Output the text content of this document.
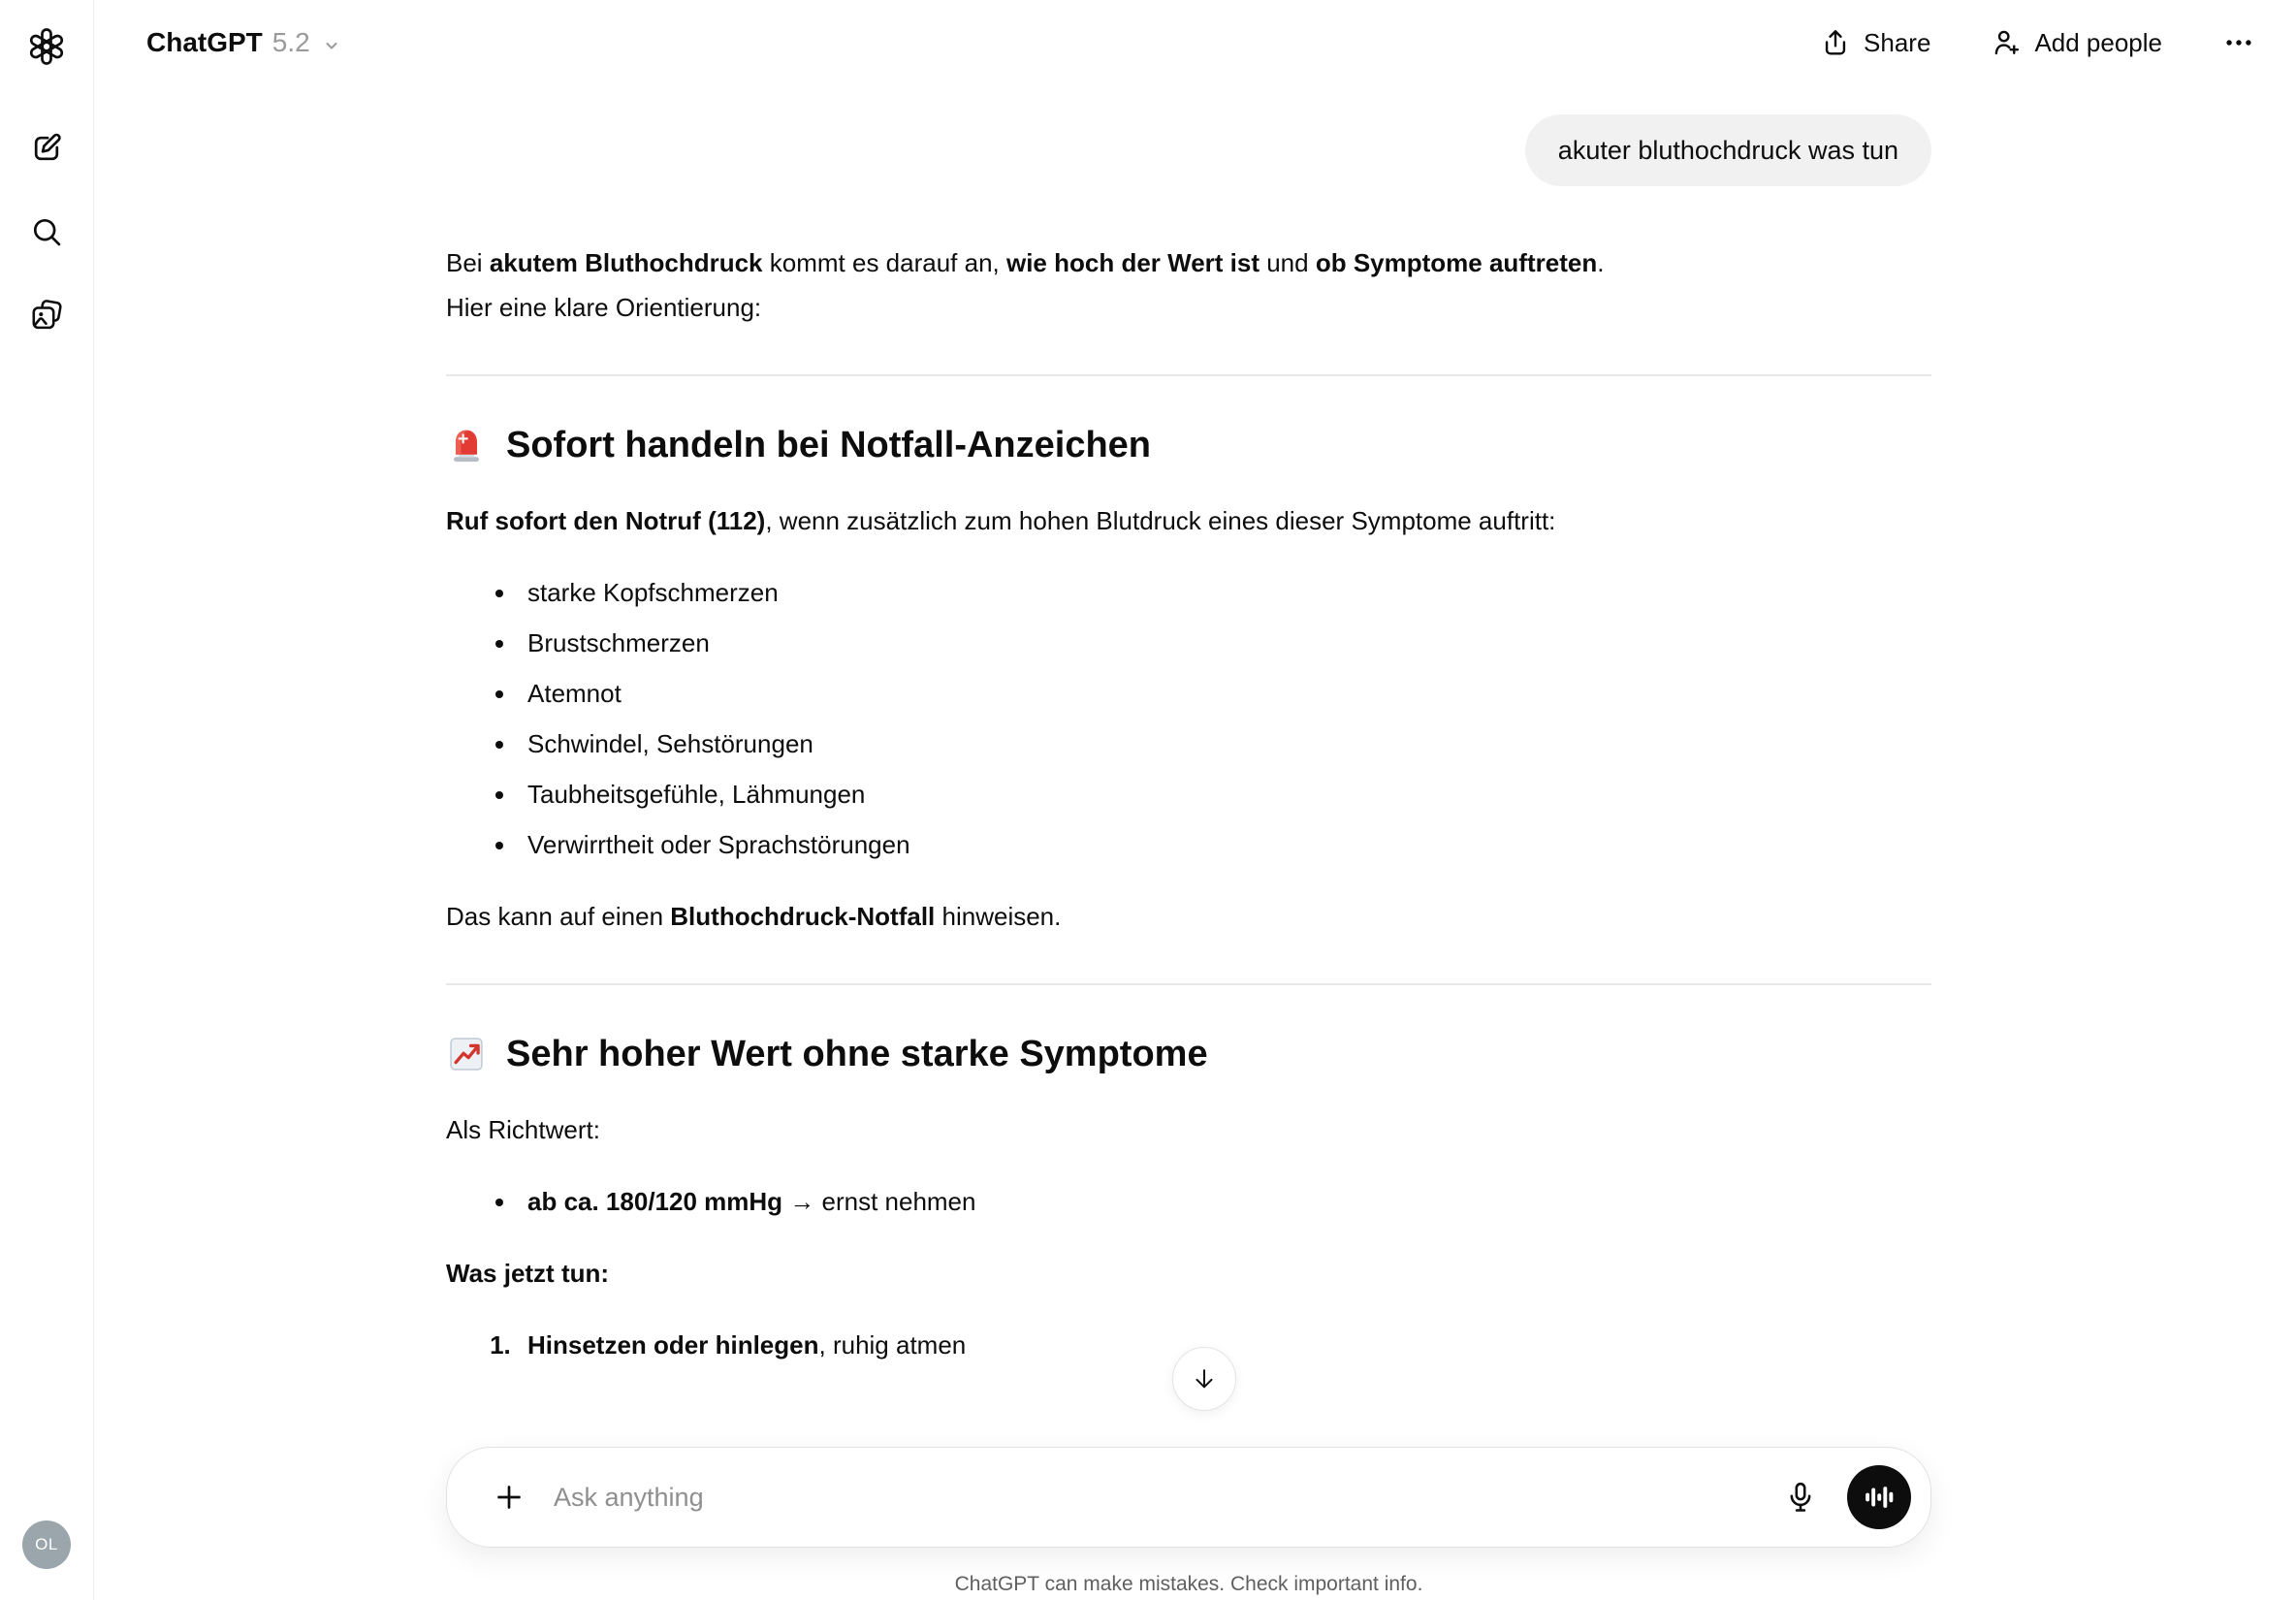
OL
ChatGPT 5.2	Share	Add people
akuter bluthochdruck was tun

Bei akutem Bluthochdruck kommt es darauf an, wie hoch der Wert ist und ob Symptome auftreten.
Hier eine klare Orientierung:

Sofort handeln bei Notfall-Anzeichen

Ruf sofort den Notruf (112), wenn zusätzlich zum hohen Blutdruck eines dieser Symptome auftritt:

• starke Kopfschmerzen
• Brustschmerzen
• Atemnot
• Schwindel, Sehstörungen
• Taubheitsgefühle, Lähmungen
• Verwirrtheit oder Sprachstörungen

Das kann auf einen Bluthochdruck-Notfall hinweisen.

Sehr hoher Wert ohne starke Symptome

Als Richtwert:

• ab ca. 180/120 mmHg → ernst nehmen

Was jetzt tun:

1. Hinsetzen oder hinlegen, ruhig atmen
Ask anything

ChatGPT can make mistakes. Check important info.
